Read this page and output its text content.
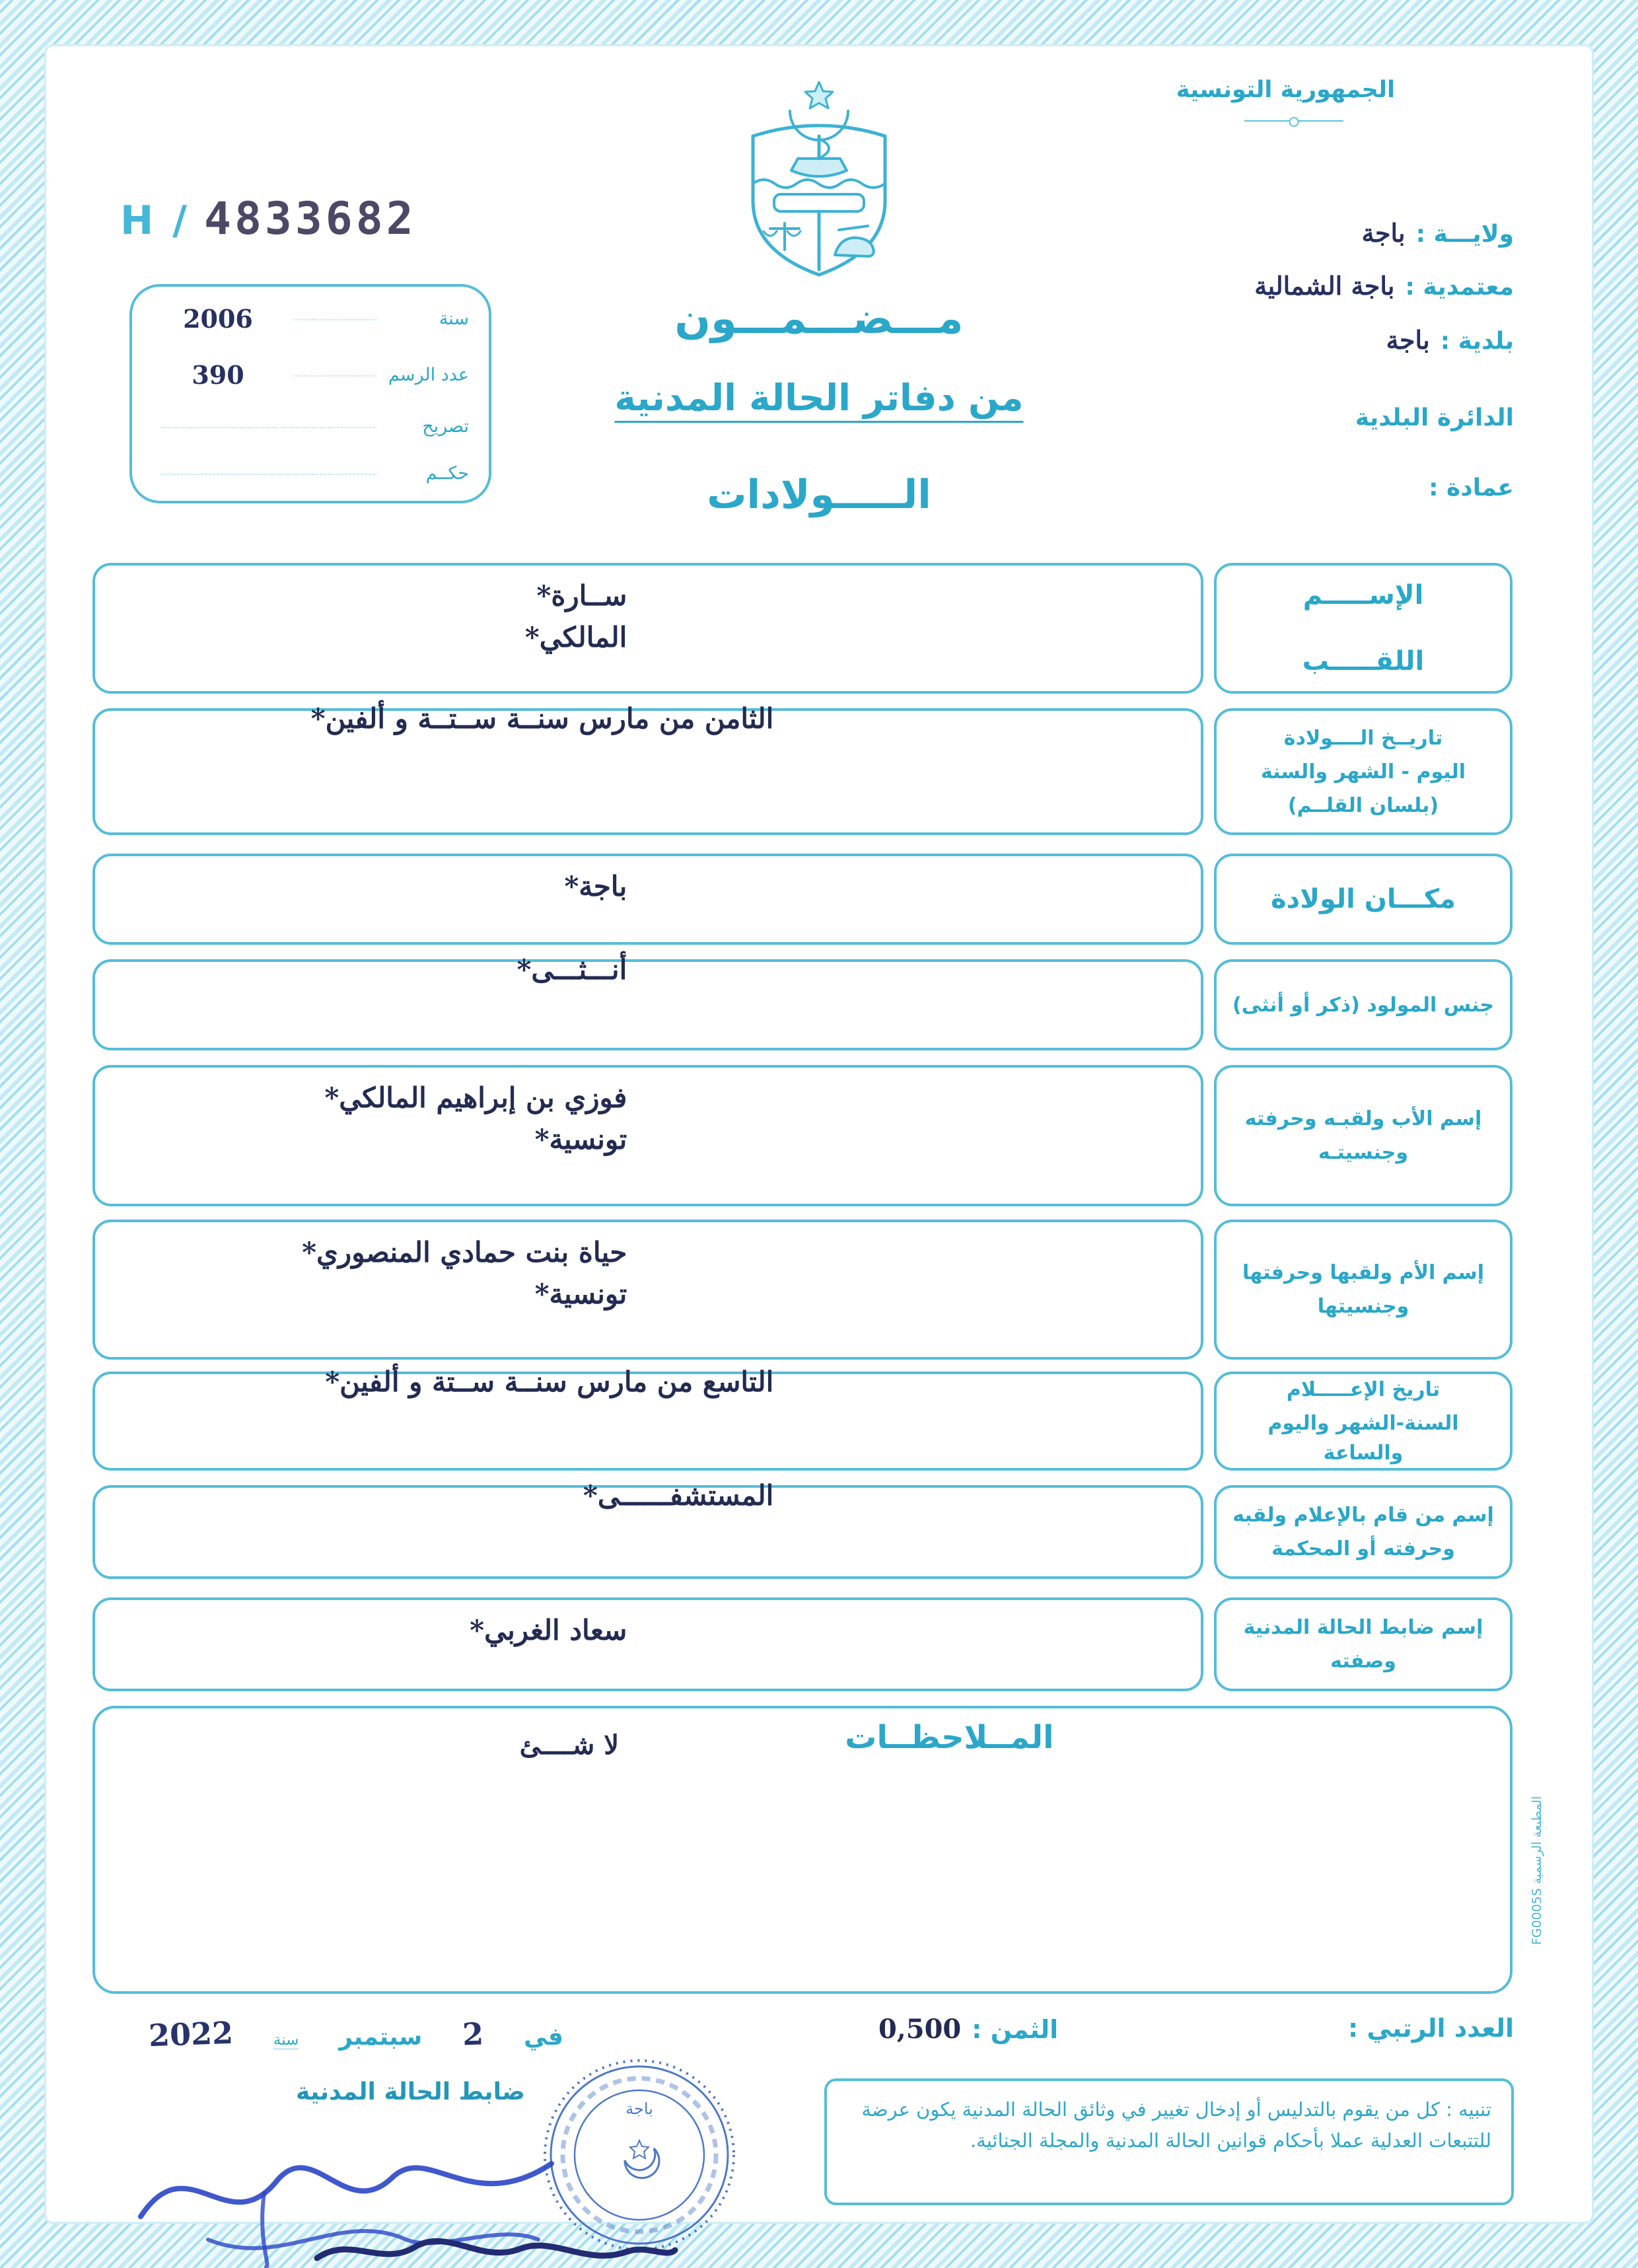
الجمهورية التونسية
H / 4833682
سنة
2006
عدد الرسم
390
تصريح
حكــم
مـــضـــمـــون
من دفاتر الحالة المدنية
الـــــولادات
ولايـــة :
باجة
معتمدية :
باجة الشمالية
بلدية :
باجة
الدائرة البلدية
عمادة :
الإســـــم
اللقـــــب
ســارة*
المالكي*
تاريــخ الــــولادة
اليوم - الشهر والسنة
(بلسان القلــم)
الثامن من مارس سنــة ســتــة و ألفين*
مكـــان الولادة
باجة*
جنس المولود (ذكر أو أنثى)
أنـــثـــى*
إسم الأب ولقبـه وحرفته
وجنسيتـه
فوزي بن إبراهيم المالكي*
تونسية*
إسم الأم ولقبها وحرفتها
وجنسيتها
حياة بنت حمادي المنصوري*
تونسية*
تاريخ الإعـــــلام
السنة-الشهر واليوم والساعة
التاسع من مارس سنــة ســتة و ألفين*
إسم من قام بالإعلام ولقبه
وحرفته أو المحكمة
المستشفــــــى*
إسم ضابط الحالة المدنية
وصفته
سعاد الغربي*
المــلاحظــات
لا شــــئ
العدد الرتبي :
الثمن :
0,500
تنبيه : كل من يقوم بالتدليس أو إدخال تغيير في وثائق الحالة المدنية يكون عرضة للتتبعات العدلية عملا بأحكام قوانين الحالة المدنية والمجلة الجنائية.
في
2
سبتمبر
سنة
2022
ضابط الحالة المدنية
باجة
المطبعة الرسمية FG0005S
